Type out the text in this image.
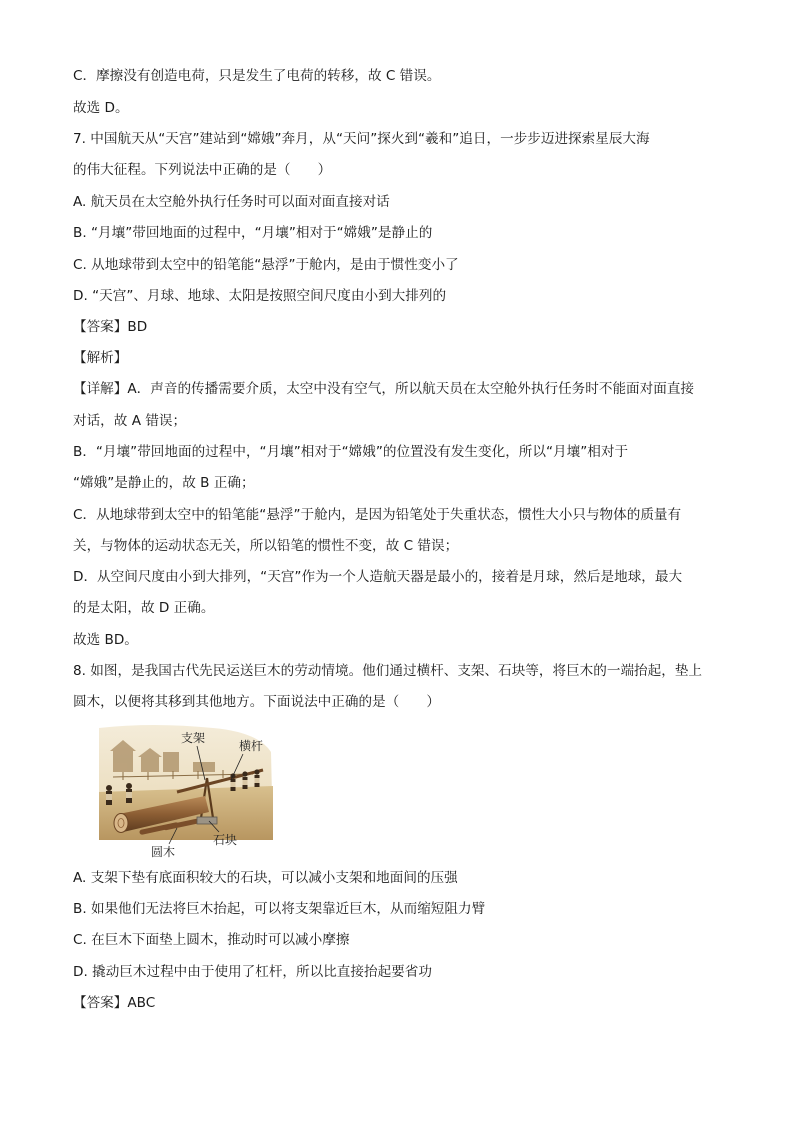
C．摩擦没有创造电荷，只是发生了电荷的转移，故 C 错误。
故选 D。
7. 中国航天从“天宫”建站到“嫦娥”奔月，从“天问”探火到“羲和”追日，一步步迈进探索星辰大海
的伟大征程。下列说法中正确的是（　　）
A. 航天员在太空舱外执行任务时可以面对面直接对话
B. “月壤”带回地面的过程中，“月壤”相对于“嫦娥”是静止的
C. 从地球带到太空中的铅笔能“悬浮”于舱内，是由于惯性变小了
D. “天宫”、月球、地球、太阳是按照空间尺度由小到大排列的
【答案】BD
【解析】
【详解】A．声音的传播需要介质，太空中没有空气，所以航天员在太空舱外执行任务时不能面对面直接
对话，故 A 错误；
B．“月壤”带回地面的过程中，“月壤”相对于“嫦娥”的位置没有发生变化，所以“月壤”相对于
“嫦娥”是静止的，故 B 正确；
C．从地球带到太空中的铅笔能“悬浮”于舱内，是因为铅笔处于失重状态，惯性大小只与物体的质量有
关，与物体的运动状态无关，所以铅笔的惯性不变，故 C 错误；
D．从空间尺度由小到大排列，“天宫”作为一个人造航天器是最小的，接着是月球，然后是地球，最大
的是太阳，故 D 正确。
故选 BD。
8. 如图，是我国古代先民运送巨木的劳动情境。他们通过横杆、支架、石块等，将巨木的一端抬起，垫上
圆木，以便将其移到其他地方。下面说法中正确的是（　　）
支架
横杆
石块
圆木
A. 支架下垫有底面积较大的石块，可以减小支架和地面间的压强
B. 如果他们无法将巨木抬起，可以将支架靠近巨木，从而缩短阻力臂
C. 在巨木下面垫上圆木，推动时可以减小摩擦
D. 撬动巨木过程中由于使用了杠杆，所以比直接抬起要省功
【答案】ABC
